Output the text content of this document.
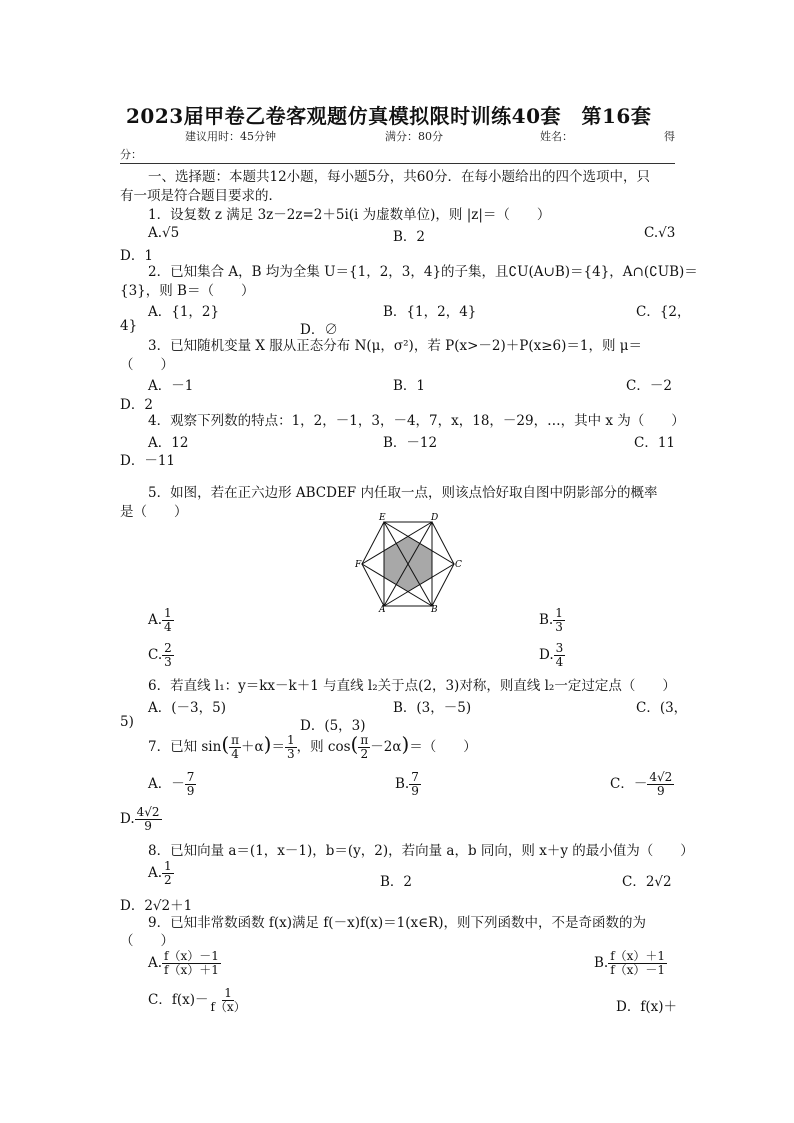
2023届甲卷乙卷客观题仿真模拟限时训练40套　第16套
建议用时：45分钟	满分：80分	姓名：	得
分：
一、选择题：本题共12小题，每小题5分，共60分．在每小题给出的四个选项中，只
有一项是符合题目要求的．
1．设复数 z 满足 3z－2z=2＋5i(i 为虚数单位)，则 |z|＝（　　）
A.√5	B．2	C.√3
D．1
2．已知集合 A，B 均为全集 U＝{1，2，3，4}的子集，且∁U(A∪B)＝{4}，A∩(∁UB)＝
{3}，则 B＝（　　）
A．{1，2}	B．{1，2，4}	C．{2，
4}	D．∅
3．已知随机变量 X 服从正态分布 N(μ，σ²)，若 P(x>－2)＋P(x≥6)＝1，则 μ＝
（　　）
A．－1	B．1	C．－2
D．2
4．观察下列数的特点：1，2，－1，3，－4，7，x，18，－29，…，其中 x 为（　　）
A．12	B．－12	C．11
D．－11
5．如图，若在正六边形 ABCDEF 内任取一点，则该点恰好取自图中阴影部分的概率
是（　　）
A	B
C
D
E
F
A. $\frac{1}{4}$	B. $\frac{1}{3}$
C. $\frac{2}{3}$	D. $\frac{3}{4}$
6．若直线 l₁：y＝kx－k＋1 与直线 l₂关于点(2，3)对称，则直线 l₂一定过定点（　　）
A．(－3，5)	B．(3，－5)	C．(3，
5)	D．(5，3)
7．已知 $\sin( \frac{\pi}{4} +\alpha)= \frac{1}{3}$ ，则 $\cos( \frac{\pi}{2} -2\alpha)=$（　　）
A．－ $\frac{7}{9}$	B. $\frac{7}{9}$	C．－ $\frac{4√2}{9}$
D. $\frac{4√2}{9}$
8．已知向量 a＝(1，x－1)，b＝(y，2)，若向量 a，b 同向，则 x＋y 的最小值为（　　）
A. $\frac{1}{2}$	B．2	C．2√2
D．2√2＋1
9．已知非常数函数 f(x)满足 f(－x)f(x)＝1(x∈R)，则下列函数中，不是奇函数的为
（　　）
A. $\frac{f(x)-1}{f(x)+1}$	B. $\frac{f(x)+1}{f(x)-1}$
C．$f(x)- \frac{1}{f(x)}$	D．f(x)＋
